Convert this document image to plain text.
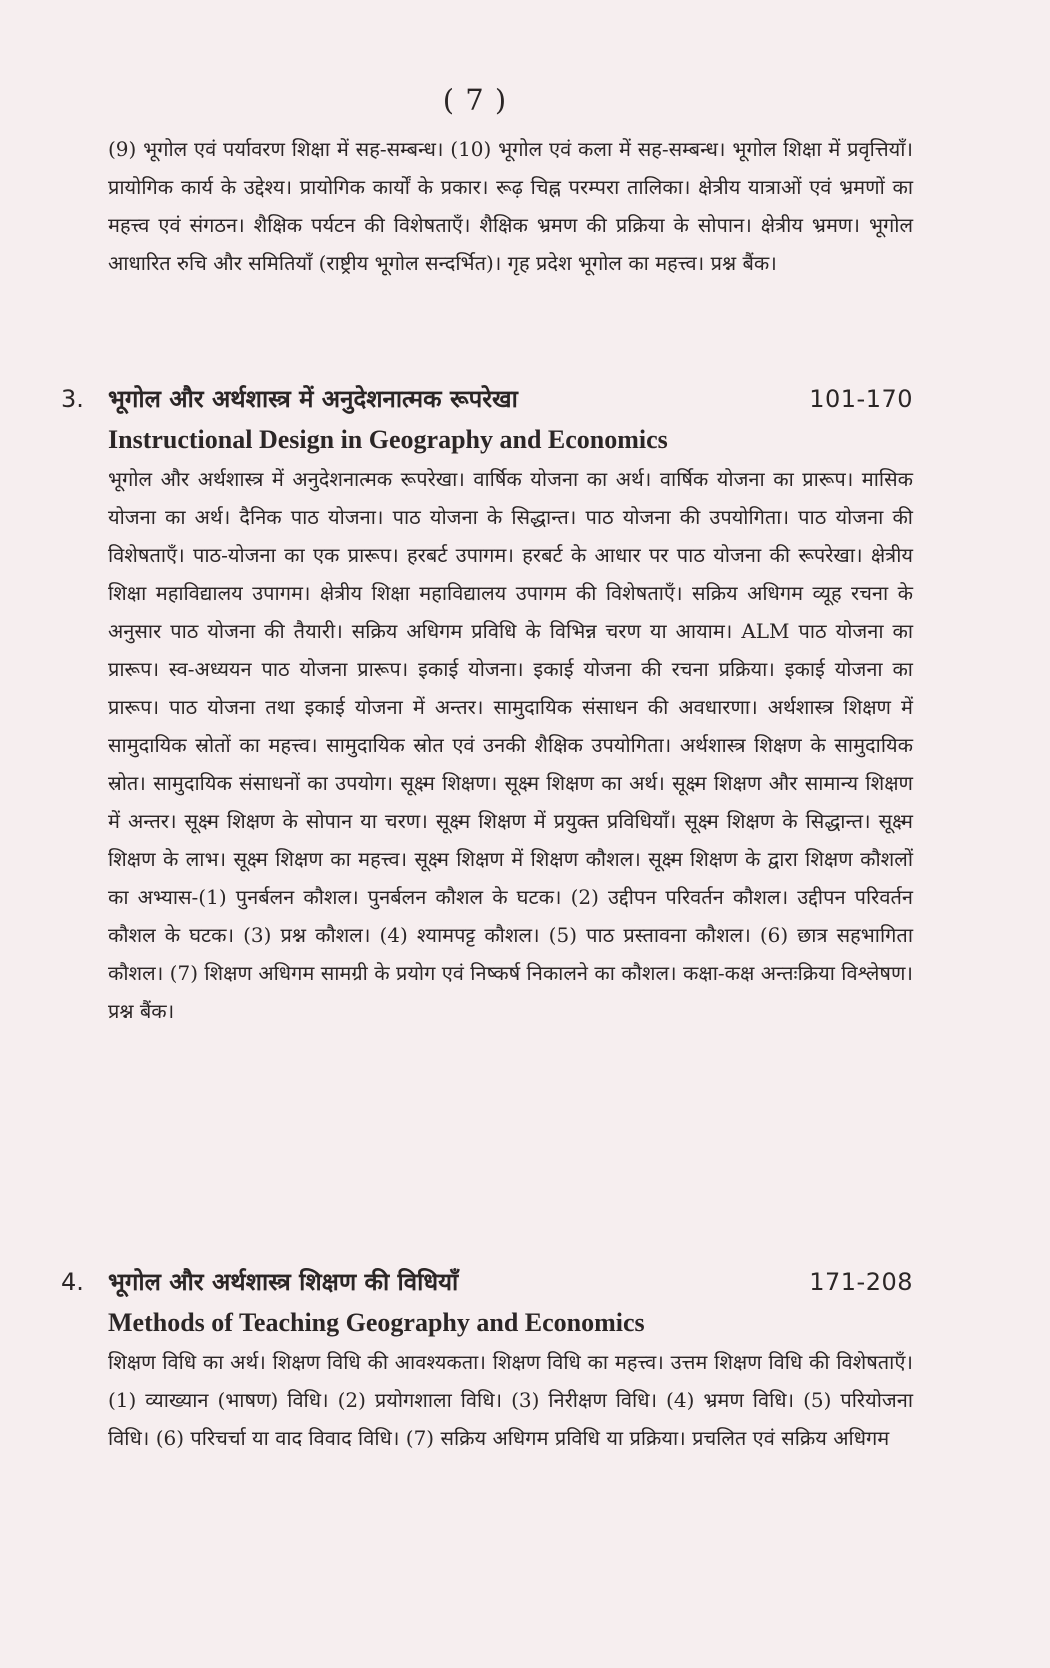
( 7 )

(9) भूगोल एवं पर्यावरण शिक्षा में सह-सम्बन्ध। (10) भूगोल एवं कला में सह-सम्बन्ध। भूगोल शिक्षा में प्रवृत्तियाँ। प्रायोगिक कार्य के उद्देश्य। प्रायोगिक कार्यों के प्रकार। रूढ़ चिह्न परम्परा तालिका। क्षेत्रीय यात्राओं एवं भ्रमणों का महत्त्व एवं संगठन। शैक्षिक पर्यटन की विशेषताएँ। शैक्षिक भ्रमण की प्रक्रिया के सोपान। क्षेत्रीय भ्रमण। भूगोल आधारित रुचि और समितियाँ (राष्ट्रीय भूगोल सन्दर्भित)। गृह प्रदेश भूगोल का महत्त्व। प्रश्न बैंक।

3. भूगोल और अर्थशास्त्र में अनुदेशनात्मक रूपरेखा	101-170
Instructional Design in Geography and Economics

भूगोल और अर्थशास्त्र में अनुदेशनात्मक रूपरेखा। वार्षिक योजना का अर्थ। वार्षिक योजना का प्रारूप। मासिक योजना का अर्थ। दैनिक पाठ योजना। पाठ योजना के सिद्धान्त। पाठ योजना की उपयोगिता। पाठ योजना की विशेषताएँ। पाठ-योजना का एक प्रारूप। हरबर्ट उपागम। हरबर्ट के आधार पर पाठ योजना की रूपरेखा। क्षेत्रीय शिक्षा महाविद्यालय उपागम। क्षेत्रीय शिक्षा महाविद्यालय उपागम की विशेषताएँ। सक्रिय अधिगम व्यूह रचना के अनुसार पाठ योजना की तैयारी। सक्रिय अधिगम प्रविधि के विभिन्न चरण या आयाम। ALM पाठ योजना का प्रारूप। स्व-अध्ययन पाठ योजना प्रारूप। इकाई योजना। इकाई योजना की रचना प्रक्रिया। इकाई योजना का प्रारूप। पाठ योजना तथा इकाई योजना में अन्तर। सामुदायिक संसाधन की अवधारणा। अर्थशास्त्र शिक्षण में सामुदायिक स्रोतों का महत्त्व। सामुदायिक स्रोत एवं उनकी शैक्षिक उपयोगिता। अर्थशास्त्र शिक्षण के सामुदायिक स्रोत। सामुदायिक संसाधनों का उपयोग। सूक्ष्म शिक्षण। सूक्ष्म शिक्षण का अर्थ। सूक्ष्म शिक्षण और सामान्य शिक्षण में अन्तर। सूक्ष्म शिक्षण के सोपान या चरण। सूक्ष्म शिक्षण में प्रयुक्त प्रविधियाँ। सूक्ष्म शिक्षण के सिद्धान्त। सूक्ष्म शिक्षण के लाभ। सूक्ष्म शिक्षण का महत्त्व। सूक्ष्म शिक्षण में शिक्षण कौशल। सूक्ष्म शिक्षण के द्वारा शिक्षण कौशलों का अभ्यास-(1) पुनर्बलन कौशल। पुनर्बलन कौशल के घटक। (2) उद्दीपन परिवर्तन कौशल। उद्दीपन परिवर्तन कौशल के घटक। (3) प्रश्न कौशल। (4) श्यामपट्ट कौशल। (5) पाठ प्रस्तावना कौशल। (6) छात्र सहभागिता कौशल। (7) शिक्षण अधिगम सामग्री के प्रयोग एवं निष्कर्ष निकालने का कौशल। कक्षा-कक्ष अन्तःक्रिया विश्लेषण। प्रश्न बैंक।

4. भूगोल और अर्थशास्त्र शिक्षण की विधियाँ	171-208
Methods of Teaching Geography and Economics

शिक्षण विधि का अर्थ। शिक्षण विधि की आवश्यकता। शिक्षण विधि का महत्त्व। उत्तम शिक्षण विधि की विशेषताएँ। (1) व्याख्यान (भाषण) विधि। (2) प्रयोगशाला विधि। (3) निरीक्षण विधि। (4) भ्रमण विधि। (5) परियोजना विधि। (6) परिचर्चा या वाद विवाद विधि। (7) सक्रिय अधिगम प्रविधि या प्रक्रिया। प्रचलित एवं सक्रिय अधिगम
